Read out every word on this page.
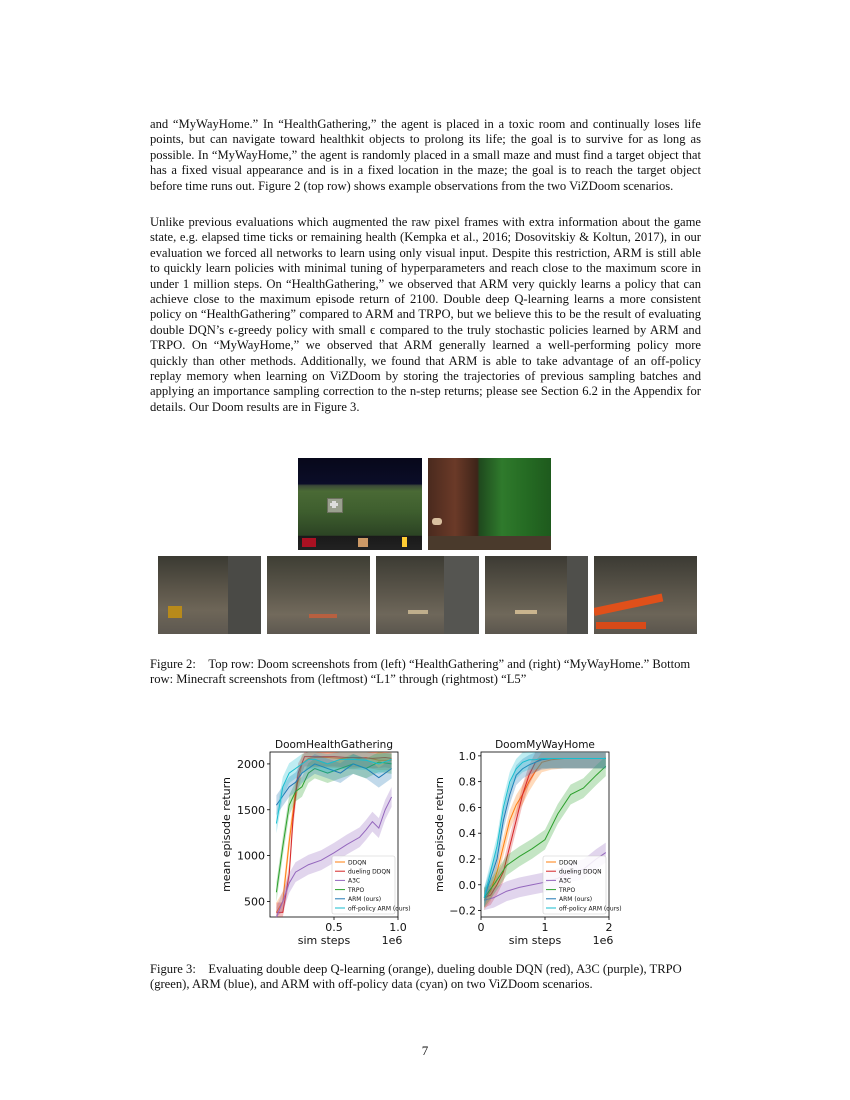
and “MyWayHome.” In “HealthGathering,” the agent is placed in a toxic room and continually loses life points, but can navigate toward healthkit objects to prolong its life; the goal is to survive for as long as possible. In “MyWayHome,” the agent is randomly placed in a small maze and must find a target object that has a fixed visual appearance and is in a fixed location in the maze; the goal is to reach the target object before time runs out. Figure 2 (top row) shows example observations from the two ViZDoom scenarios.

Unlike previous evaluations which augmented the raw pixel frames with extra information about the game state, e.g. elapsed time ticks or remaining health (Kempka et al., 2016; Dosovitskiy & Koltun, 2017), in our evaluation we forced all networks to learn using only visual input. Despite this restriction, ARM is still able to quickly learn policies with minimal tuning of hyperparameters and reach close to the maximum score in under 1 million steps. On “HealthGathering,” we observed that ARM very quickly learns a policy that can achieve close to the maximum episode return of 2100. Double deep Q-learning learns a more consistent policy on “HealthGathering” compared to ARM and TRPO, but we believe this to be the result of evaluating double DQN’s ϵ-greedy policy with small ϵ compared to the truly stochastic policies learned by ARM and TRPO. On “MyWayHome,” we observed that ARM generally learned a well-performing policy more quickly than other methods. Additionally, we found that ARM is able to take advantage of an off-policy replay memory when learning on ViZDoom by storing the trajectories of previous sampling batches and applying an importance sampling correction to the n-step returns; please see Section 6.2 in the Appendix for details. Our Doom results are in Figure 3.

Figure 2: Top row: Doom screenshots from (left) “HealthGathering” and (right) “MyWayHome.” Bottom row: Minecraft screenshots from (leftmost) “L1” through (rightmost) “L5”

DoomHealthGathering
500
1000
1500
2000
0.5	1.0
sim steps	1e6
mean episode return	DDQN
dueling DDQN
A3C
TRPO
ARM (ours)
off-policy ARM (ours)
DoomMyWayHome
−0.2
0.0
0.2
0.4
0.6
0.8
1.0
0	1	2
sim steps	1e6
mean episode return	DDQN
dueling DDQN
A3C
TRPO
ARM (ours)
off-policy ARM (ours)

Figure 3: Evaluating double deep Q-learning (orange), dueling double DQN (red), A3C (purple), TRPO (green), ARM (blue), and ARM with off-policy data (cyan) on two ViZDoom scenarios.

7
